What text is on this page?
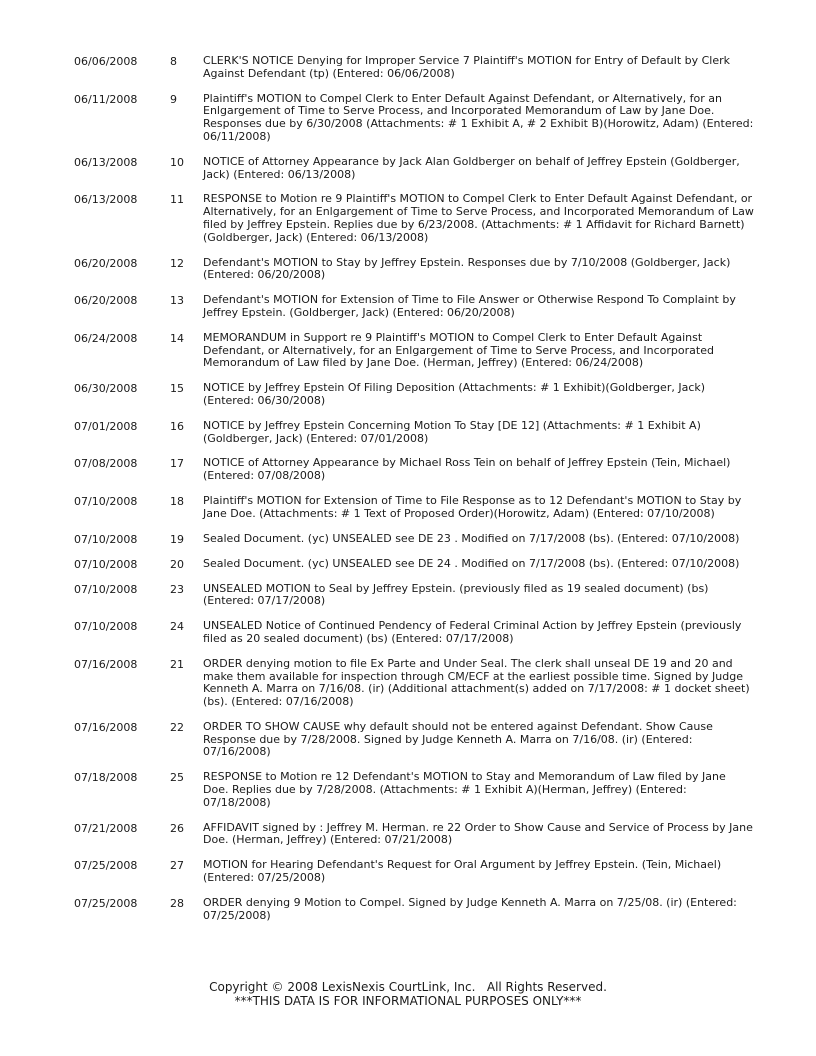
06/06/2008	8	CLERK'S NOTICE Denying for Improper Service 7 Plaintiff's MOTION for Entry of Default by Clerk Against Defendant (tp) (Entered: 06/06/2008)
06/11/2008	9	Plaintiff's MOTION to Compel Clerk to Enter Default Against Defendant, or Alternatively, for an Enlgargement of Time to Serve Process, and Incorporated Memorandum of Law by Jane Doe. Responses due by 6/30/2008 (Attachments: # 1 Exhibit A, # 2 Exhibit B)(Horowitz, Adam) (Entered: 06/11/2008)
06/13/2008	10	NOTICE of Attorney Appearance by Jack Alan Goldberger on behalf of Jeffrey Epstein (Goldberger, Jack) (Entered: 06/13/2008)
06/13/2008	11	RESPONSE to Motion re 9 Plaintiff's MOTION to Compel Clerk to Enter Default Against Defendant, or Alternatively, for an Enlgargement of Time to Serve Process, and Incorporated Memorandum of Law filed by Jeffrey Epstein. Replies due by 6/23/2008. (Attachments: # 1 Affidavit for Richard Barnett)(Goldberger, Jack) (Entered: 06/13/2008)
06/20/2008	12	Defendant's MOTION to Stay by Jeffrey Epstein. Responses due by 7/10/2008 (Goldberger, Jack) (Entered: 06/20/2008)
06/20/2008	13	Defendant's MOTION for Extension of Time to File Answer or Otherwise Respond To Complaint by Jeffrey Epstein. (Goldberger, Jack) (Entered: 06/20/2008)
06/24/2008	14	MEMORANDUM in Support re 9 Plaintiff's MOTION to Compel Clerk to Enter Default Against Defendant, or Alternatively, for an Enlgargement of Time to Serve Process, and Incorporated Memorandum of Law filed by Jane Doe. (Herman, Jeffrey) (Entered: 06/24/2008)
06/30/2008	15	NOTICE by Jeffrey Epstein Of Filing Deposition (Attachments: # 1 Exhibit)(Goldberger, Jack) (Entered: 06/30/2008)
07/01/2008	16	NOTICE by Jeffrey Epstein Concerning Motion To Stay [DE 12] (Attachments: # 1 Exhibit A)(Goldberger, Jack) (Entered: 07/01/2008)
07/08/2008	17	NOTICE of Attorney Appearance by Michael Ross Tein on behalf of Jeffrey Epstein (Tein, Michael) (Entered: 07/08/2008)
07/10/2008	18	Plaintiff's MOTION for Extension of Time to File Response as to 12 Defendant's MOTION to Stay by Jane Doe. (Attachments: # 1 Text of Proposed Order)(Horowitz, Adam) (Entered: 07/10/2008)
07/10/2008	19	Sealed Document. (yc) UNSEALED see DE 23 . Modified on 7/17/2008 (bs). (Entered: 07/10/2008)
07/10/2008	20	Sealed Document. (yc) UNSEALED see DE 24 . Modified on 7/17/2008 (bs). (Entered: 07/10/2008)
07/10/2008	23	UNSEALED MOTION to Seal by Jeffrey Epstein. (previously filed as 19 sealed document) (bs) (Entered: 07/17/2008)
07/10/2008	24	UNSEALED Notice of Continued Pendency of Federal Criminal Action by Jeffrey Epstein (previously filed as 20 sealed document) (bs) (Entered: 07/17/2008)
07/16/2008	21	ORDER denying motion to file Ex Parte and Under Seal. The clerk shall unseal DE 19 and 20 and make them available for inspection through CM/ECF at the earliest possible time. Signed by Judge Kenneth A. Marra on 7/16/08. (ir) (Additional attachment(s) added on 7/17/2008: # 1 docket sheet) (bs). (Entered: 07/16/2008)
07/16/2008	22	ORDER TO SHOW CAUSE why default should not be entered against Defendant. Show Cause Response due by 7/28/2008. Signed by Judge Kenneth A. Marra on 7/16/08. (ir) (Entered: 07/16/2008)
07/18/2008	25	RESPONSE to Motion re 12 Defendant's MOTION to Stay and Memorandum of Law filed by Jane Doe. Replies due by 7/28/2008. (Attachments: # 1 Exhibit A)(Herman, Jeffrey) (Entered: 07/18/2008)
07/21/2008	26	AFFIDAVIT signed by : Jeffrey M. Herman. re 22 Order to Show Cause and Service of Process by Jane Doe. (Herman, Jeffrey) (Entered: 07/21/2008)
07/25/2008	27	MOTION for Hearing Defendant's Request for Oral Argument by Jeffrey Epstein. (Tein, Michael) (Entered: 07/25/2008)
07/25/2008	28	ORDER denying 9 Motion to Compel. Signed by Judge Kenneth A. Marra on 7/25/08. (ir) (Entered: 07/25/2008)
Copyright © 2008 LexisNexis CourtLink, Inc.   All Rights Reserved.
***THIS DATA IS FOR INFORMATIONAL PURPOSES ONLY***
